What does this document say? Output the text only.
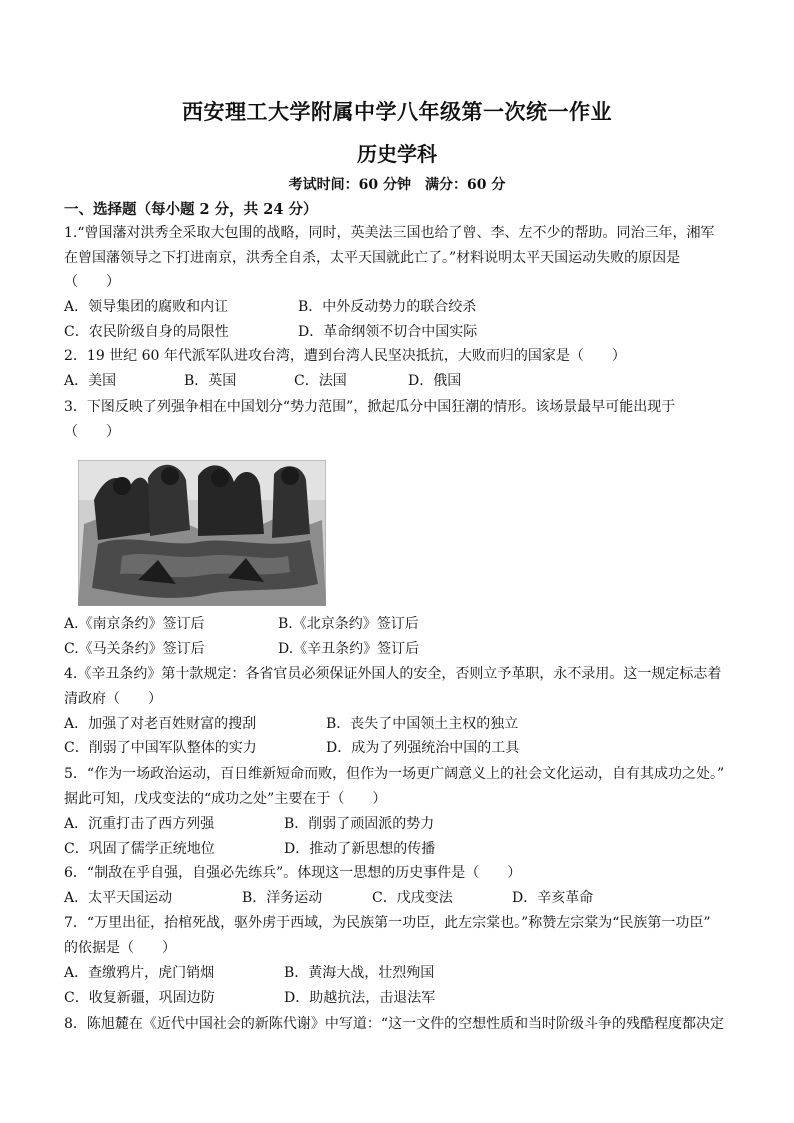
西安理工大学附属中学八年级第一次统一作业
历史学科
考试时间：60 分钟　满分：60 分
一、选择题（每小题 2 分，共 24 分）
1.“曾国藩对洪秀全采取大包围的战略，同时，英美法三国也给了曾、李、左不少的帮助。同治三年，湘军
在曾国藩领导之下打进南京，洪秀全自杀，太平天国就此亡了。”材料说明太平天国运动失败的原因是
（　　）
A．领导集团的腐败和内讧	B．中外反动势力的联合绞杀
C．农民阶级自身的局限性	D．革命纲领不切合中国实际
2．19 世纪 60 年代派军队进攻台湾，遭到台湾人民坚决抵抗，大败而归的国家是（　　）
A．美国	B．英国	C．法国	D．俄国
3．下图反映了列强争相在中国划分“势力范围”，掀起瓜分中国狂潮的情形。该场景最早可能出现于
（　　）
A.《南京条约》签订后	B.《北京条约》签订后
C.《马关条约》签订后	D.《辛丑条约》签订后
4.《辛丑条约》第十款规定：各省官员必须保证外国人的安全，否则立予革职，永不录用。这一规定标志着
清政府（　　）
A．加强了对老百姓财富的搜刮	B．丧失了中国领土主权的独立
C．削弱了中国军队整体的实力	D．成为了列强统治中国的工具
5．“作为一场政治运动，百日维新短命而败，但作为一场更广阔意义上的社会文化运动，自有其成功之处。”
据此可知，戊戌变法的“成功之处”主要在于（　　）
A．沉重打击了西方列强	B．削弱了顽固派的势力
C．巩固了儒学正统地位	D．推动了新思想的传播
6．“制敌在乎自强，自强必先练兵”。体现这一思想的历史事件是（　　）
A．太平天国运动	B．洋务运动	C．戊戌变法	D．辛亥革命
7．“万里出征，抬棺死战，驱外虏于西域，为民族第一功臣，此左宗棠也。”称赞左宗棠为“民族第一功臣”
的依据是（　　）
A．查缴鸦片，虎门销烟	B．黄海大战，壮烈殉国
C．收复新疆，巩固边防	D．助越抗法，击退法军
8．陈旭麓在《近代中国社会的新陈代谢》中写道：“这一文件的空想性质和当时阶级斗争的残酷程度都决定
